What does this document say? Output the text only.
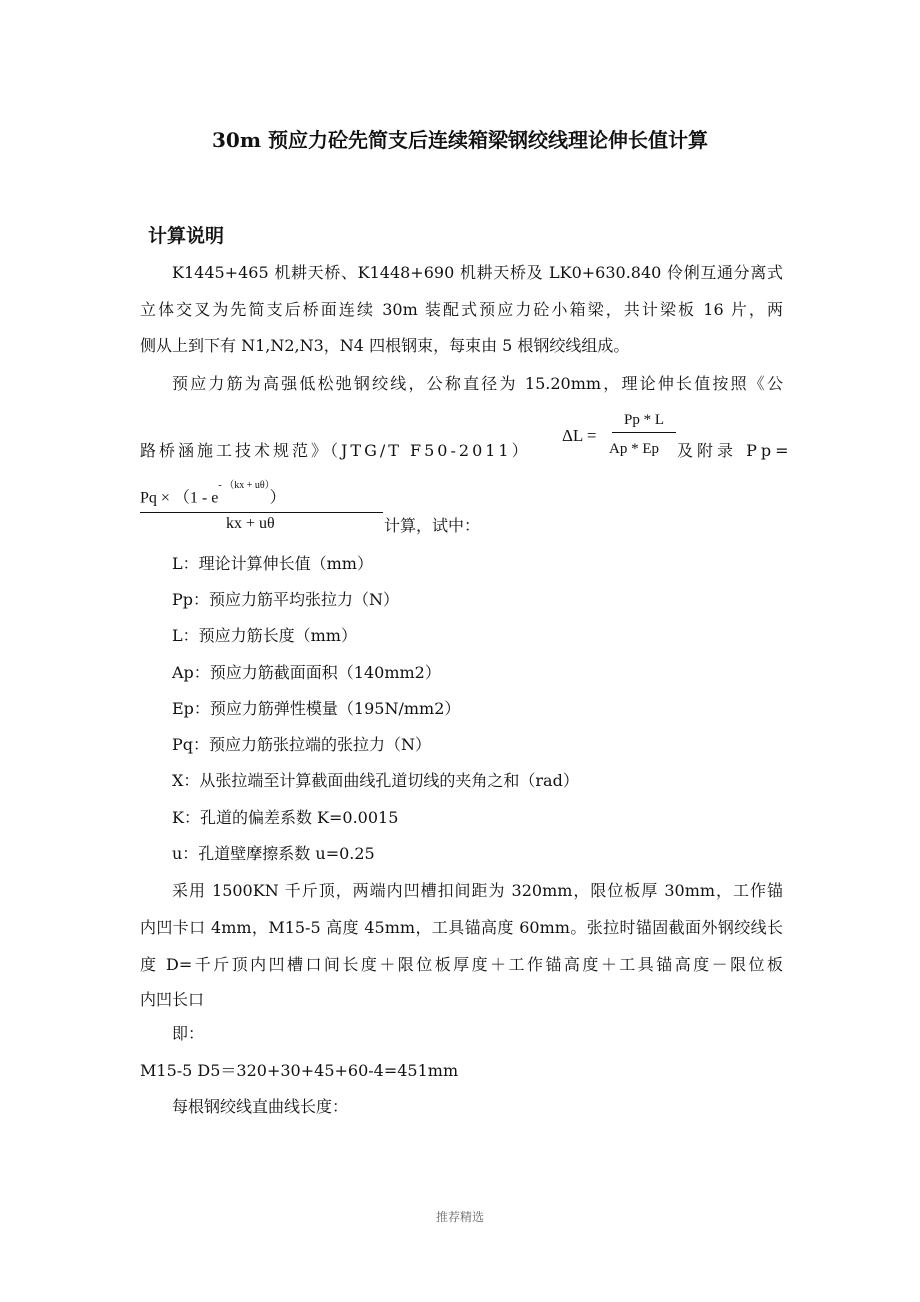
30m 预应力砼先简支后连续箱梁钢绞线理论伸长值计算
计算说明
K1445+465 机耕天桥、K1448+690 机耕天桥及 LK0+630.840 伶俐互通分离式
立体交叉为先简支后桥面连续 30m 装配式预应力砼小箱梁，共计梁板 16 片，两
侧从上到下有 N1,N2,N3，N4 四根钢束，每束由 5 根钢绞线组成。
预应力筋为高强低松弛钢绞线，公称直径为 15.20mm，理论伸长值按照《公
路桥涵施工技术规范》（JTG/T F50-2011）
ΔL =
Pp * L
Ap * Ep 及附录 Pp=
$Pq \times (1 - e^{- (kx + u\theta)})$
kx + uθ	计算，试中：
L：理论计算伸长值（mm）
Pp：预应力筋平均张拉力（N）
L：预应力筋长度（mm）
Ap：预应力筋截面面积（140mm2）
Ep：预应力筋弹性模量（195N/mm2）
Pq：预应力筋张拉端的张拉力（N）
X：从张拉端至计算截面曲线孔道切线的夹角之和（rad）
K：孔道的偏差系数 K=0.0015
u：孔道壁摩擦系数 u=0.25
采用 1500KN 千斤顶，两端内凹槽扣间距为 320mm，限位板厚 30mm，工作锚
内凹卡口 4mm，M15-5 高度 45mm，工具锚高度 60mm。张拉时锚固截面外钢绞线长
度 D=千斤顶内凹槽口间长度＋限位板厚度＋工作锚高度＋工具锚高度－限位板
内凹长口
即：
M15-5 D5＝320+30+45+60-4=451mm
每根钢绞线直曲线长度：
推荐精选
